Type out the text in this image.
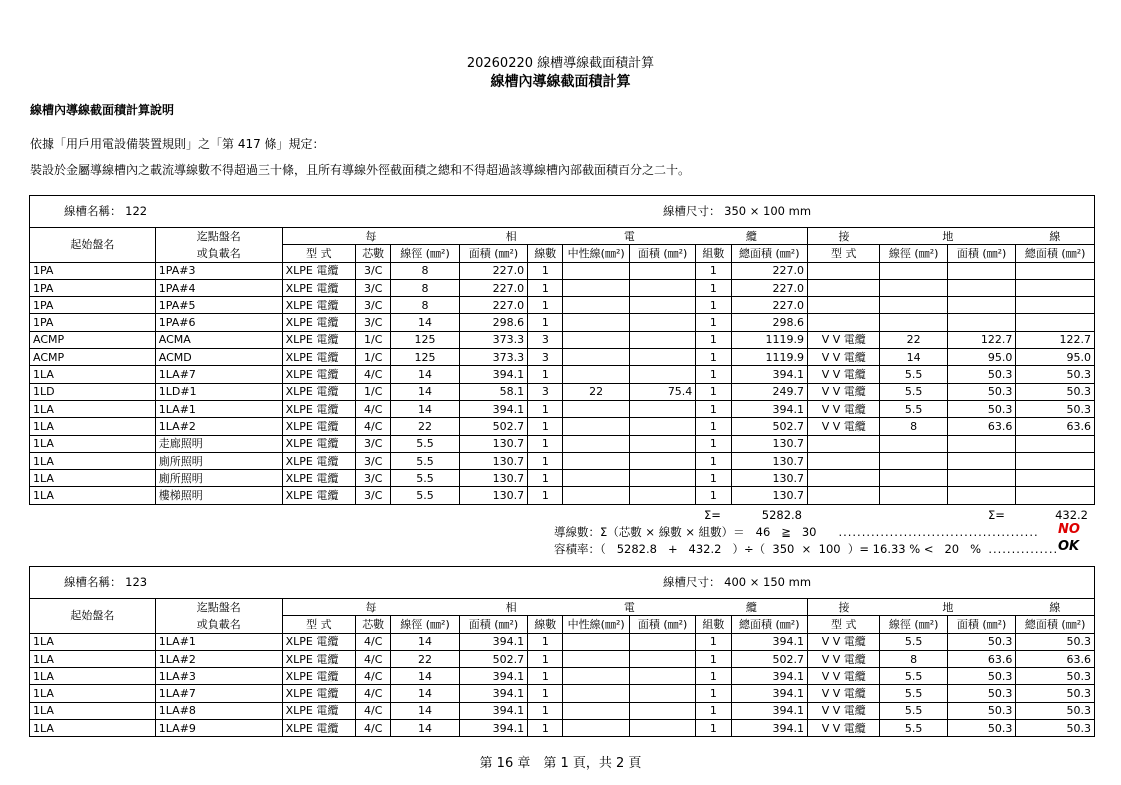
20260220 線槽導線截面積計算
線槽內導線截面積計算
線槽內導線截面積計算說明
依據「用戶用電設備裝置規則」之「第 417 條」規定：
裝設於金屬導線槽內之載流導線數不得超過三十條，且所有導線外徑截面積之總和不得超過該導線槽內部截面積百分之二十。
線槽名稱： 122							線槽尺寸： 350 × 100 mm							
起始盤名	迄點盤名	每			相		電		纜		接	地		線
	或負載名	型 式	芯數	線徑 (㎜²)	面積 (㎜²)	線數	中性線(㎜²)	面積 (㎜²)	組數	總面積 (㎜²)	型 式	線徑 (㎜²)	面積 (㎜²)	總面積 (㎜²)
1PA	1PA#3	XLPE 電纜	3/C	8	227.0	1			1	227.0				
1PA	1PA#4	XLPE 電纜	3/C	8	227.0	1			1	227.0				
1PA	1PA#5	XLPE 電纜	3/C	8	227.0	1			1	227.0				
1PA	1PA#6	XLPE 電纜	3/C	14	298.6	1			1	298.6				
ACMP	ACMA	XLPE 電纜	1/C	125	373.3	3			1	1119.9	V V 電纜	22	122.7	122.7
ACMP	ACMD	XLPE 電纜	1/C	125	373.3	3			1	1119.9	V V 電纜	14	95.0	95.0
1LA	1LA#7	XLPE 電纜	4/C	14	394.1	1			1	394.1	V V 電纜	5.5	50.3	50.3
1LD	1LD#1	XLPE 電纜	1/C	14	58.1	3	22	75.4	1	249.7	V V 電纜	5.5	50.3	50.3
1LA	1LA#1	XLPE 電纜	4/C	14	394.1	1			1	394.1	V V 電纜	5.5	50.3	50.3
1LA	1LA#2	XLPE 電纜	4/C	22	502.7	1			1	502.7	V V 電纜	8	63.6	63.6
1LA	走廊照明	XLPE 電纜	3/C	5.5	130.7	1			1	130.7				
1LA	廁所照明	XLPE 電纜	3/C	5.5	130.7	1			1	130.7				
1LA	廁所照明	XLPE 電纜	3/C	5.5	130.7	1			1	130.7				
1LA	樓梯照明	XLPE 電纜	3/C	5.5	130.7	1			1	130.7				
Σ=	5282.8	Σ=	432.2
導線數：Σ（芯數 × 線數 × 組數）＝ 46 ≧ 30 ........................................... NO
容積率：（ 5282.8 + 432.2 ）÷（ 350 × 100 ）= 16.33 % < 20 % ............... OK
線槽名稱： 123							線槽尺寸： 400 × 150 mm							
起始盤名	迄點盤名	每			相		電		纜		接	地		線
	或負載名	型 式	芯數	線徑 (㎜²)	面積 (㎜²)	線數	中性線(㎜²)	面積 (㎜²)	組數	總面積 (㎜²)	型 式	線徑 (㎜²)	面積 (㎜²)	總面積 (㎜²)
1LA	1LA#1	XLPE 電纜	4/C	14	394.1	1			1	394.1	V V 電纜	5.5	50.3	50.3
1LA	1LA#2	XLPE 電纜	4/C	22	502.7	1			1	502.7	V V 電纜	8	63.6	63.6
1LA	1LA#3	XLPE 電纜	4/C	14	394.1	1			1	394.1	V V 電纜	5.5	50.3	50.3
1LA	1LA#7	XLPE 電纜	4/C	14	394.1	1			1	394.1	V V 電纜	5.5	50.3	50.3
1LA	1LA#8	XLPE 電纜	4/C	14	394.1	1			1	394.1	V V 電纜	5.5	50.3	50.3
1LA	1LA#9	XLPE 電纜	4/C	14	394.1	1			1	394.1	V V 電纜	5.5	50.3	50.3
第 16 章　第 1 頁，共 2 頁
